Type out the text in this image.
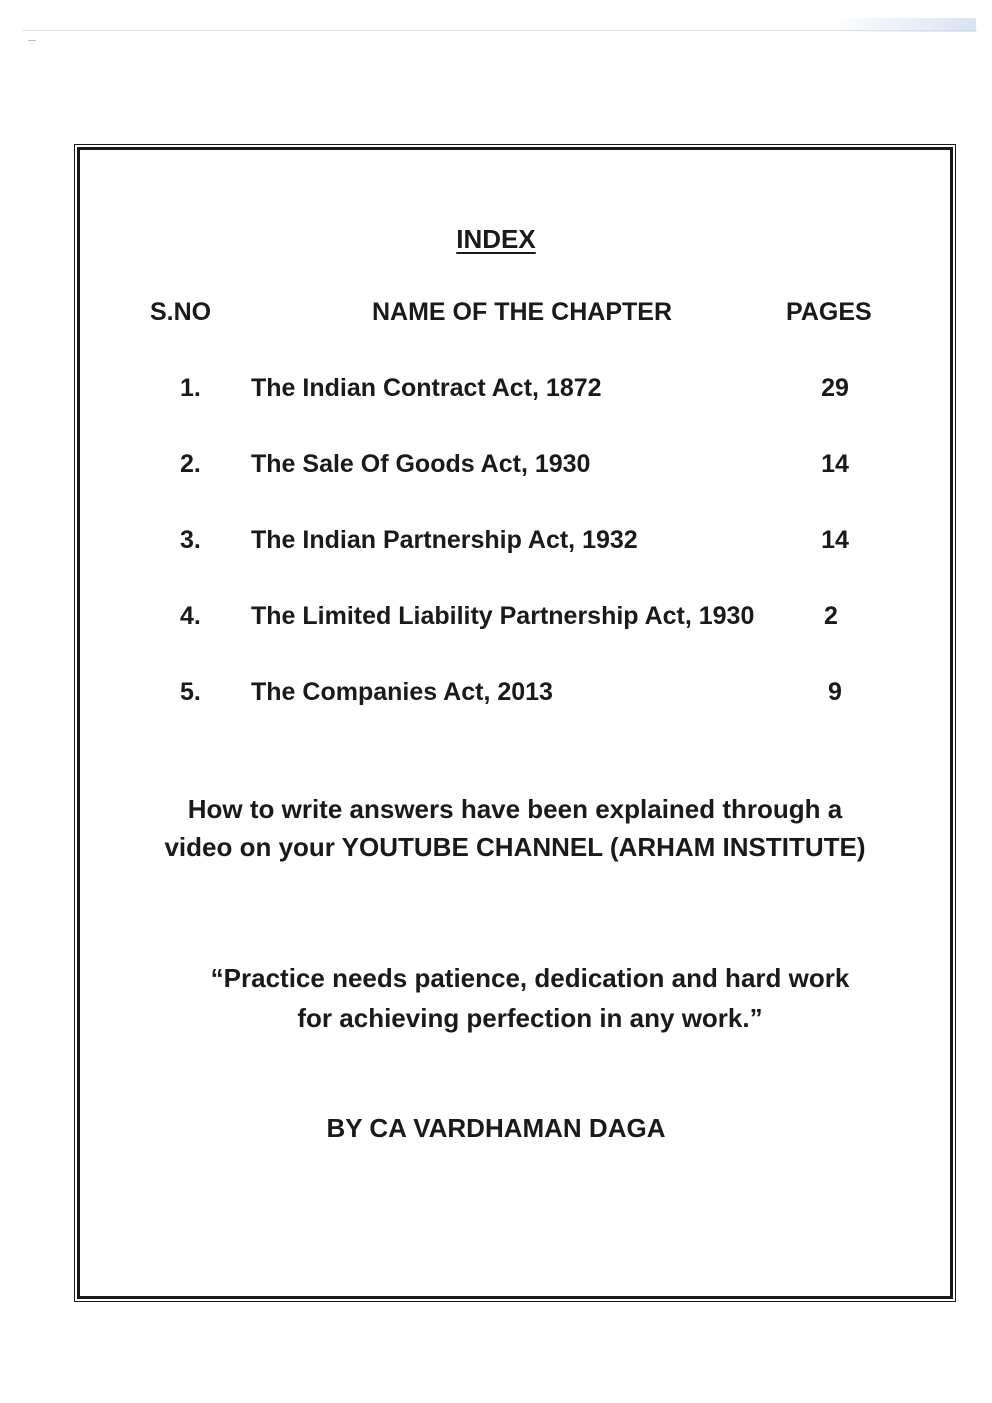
INDEX
S.NO	NAME OF THE CHAPTER	PAGES
1. The Indian Contract Act, 1872	29
2. The Sale Of Goods Act, 1930	14
3. The Indian Partnership Act, 1932	14
4. The Limited Liability Partnership Act, 1930	2
5. The Companies Act, 2013	9
How to write answers have been explained through a
video on your YOUTUBE CHANNEL (ARHAM INSTITUTE)
“Practice needs patience, dedication and hard work
for achieving perfection in any work.”
BY CA VARDHAMAN DAGA
